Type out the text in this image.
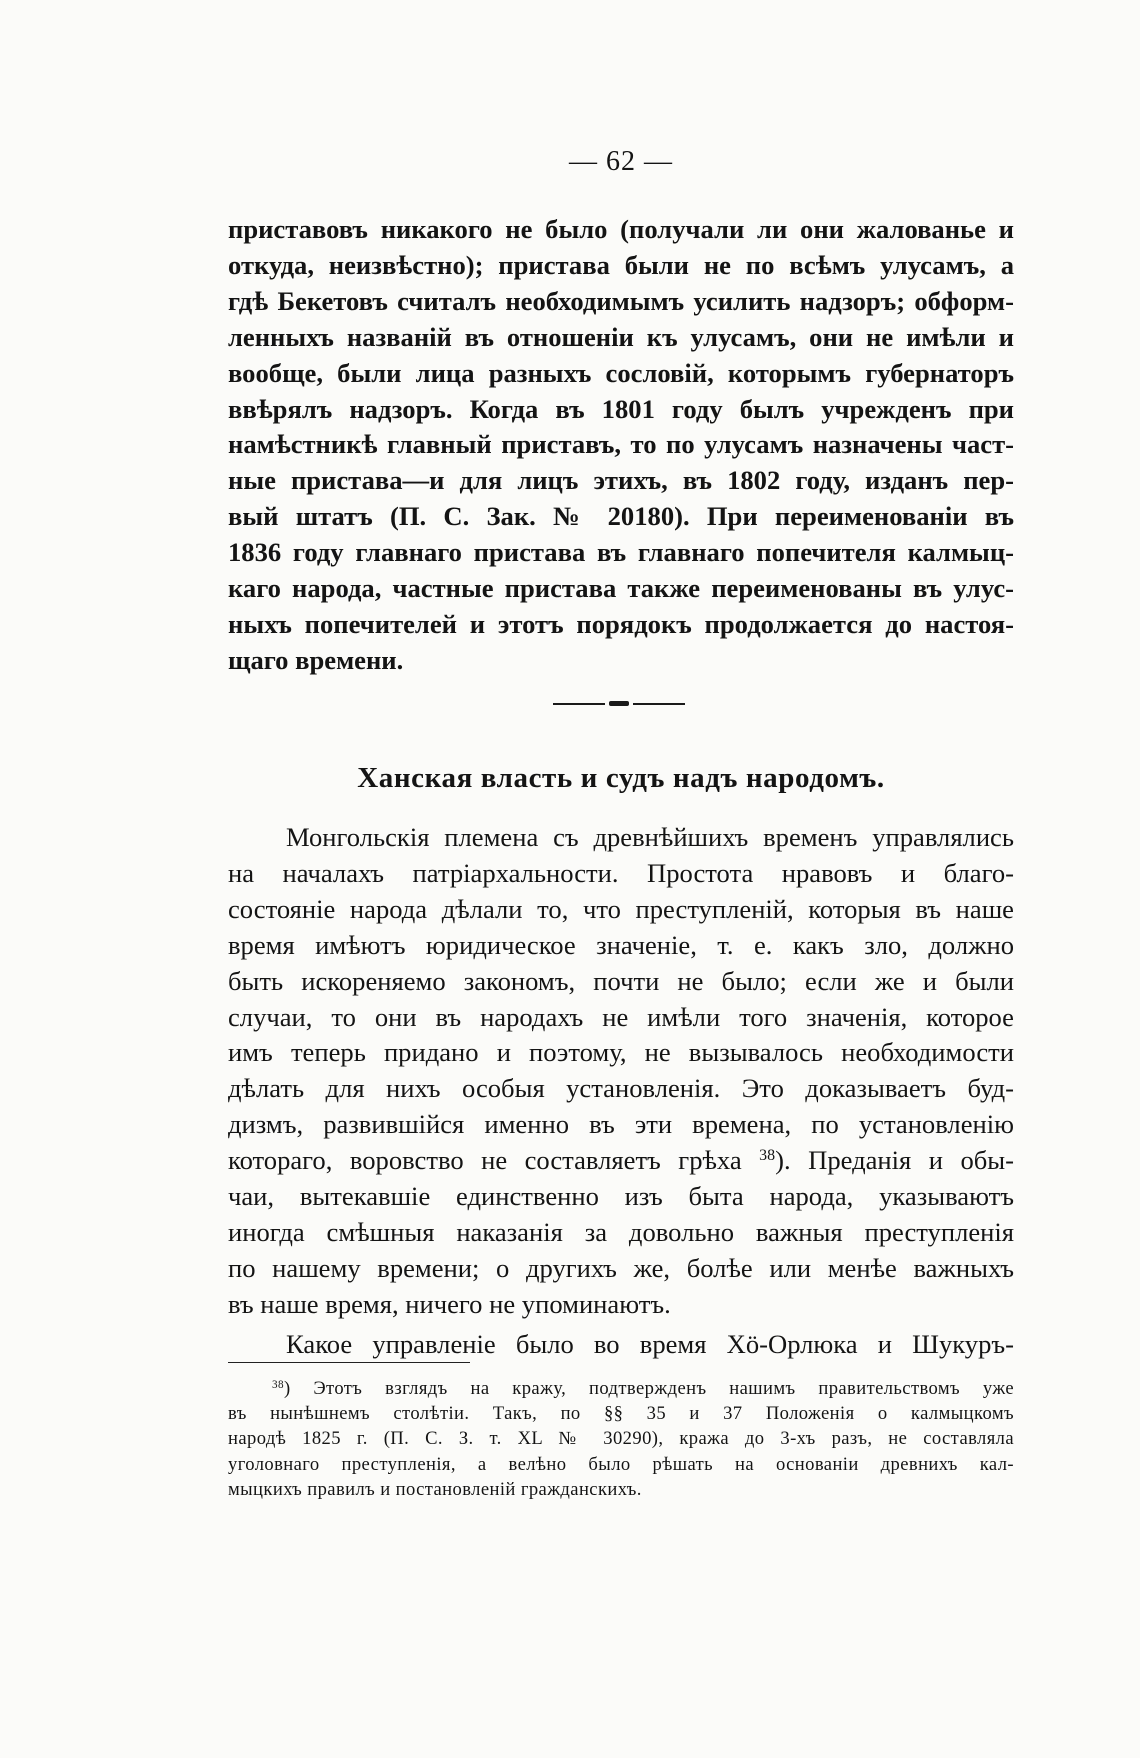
— 62 —

приставовъ никакого не было (получали ли они жалованье и

откуда, неизвѣстно); пристава были не по всѣмъ улусамъ, а

гдѣ Бекетовъ считалъ необходимымъ усилить надзоръ; обформ-

ленныхъ названій въ отношеніи къ улусамъ, они не имѣли и

вообще, были лица разныхъ сословій, которымъ губернаторъ

ввѣрялъ надзоръ. Когда въ 1801 году былъ учрежденъ при

намѣстникѣ главный приставъ, то по улусамъ назначены част-

ные пристава—и для лицъ этихъ, въ 1802 году, изданъ пер-

вый штатъ (П. С. Зак. № 20180). При переименованіи въ

1836 году главнаго пристава въ главнаго попечителя калмыц-

каго народа, частные пристава также переименованы въ улус-

ныхъ попечителей и этотъ порядокъ продолжается до настоя-

щаго времени.

Ханская власть и судъ надъ народомъ.

Монгольскія племена съ древнѣйшихъ временъ управлялись

на началахъ патріархальности. Простота нравовъ и благо-

состояніе народа дѣлали то, что преступленій, которыя въ наше

время имѣютъ юридическое значеніе, т. е. какъ зло, должно

быть искореняемо закономъ, почти не было; если же и были

случаи, то они въ народахъ не имѣли того значенія, которое

имъ теперь придано и поэтому, не вызывалось необходимости

дѣлать для нихъ особыя установленія. Это доказываетъ буд-

дизмъ, развившійся именно въ эти времена, по установленію

котораго, воровство не составляетъ грѣха $^{38}$). Преданія и обы-

чаи, вытекавшіе единственно изъ быта народа, указываютъ

иногда смѣшныя наказанія за довольно важныя преступленія

по нашему времени; о другихъ же, болѣе или менѣе важныхъ

въ наше время, ничего не упоминаютъ.

Какое управленіе было во время Хö-Орлюка и Шукуръ-

$^{38}$) Этотъ взглядъ на кражу, подтвержденъ нашимъ правительствомъ уже

въ нынѣшнемъ столѣтіи. Такъ, по §§ 35 и 37 Положенія о калмыцкомъ

народѣ 1825 г. (П. С. З. т. XL № 30290), кража до 3-хъ разъ, не составляла

уголовнаго преступленія, а велѣно было рѣшать на основаніи древнихъ кал-

мыцкихъ правилъ и постановленій гражданскихъ.
